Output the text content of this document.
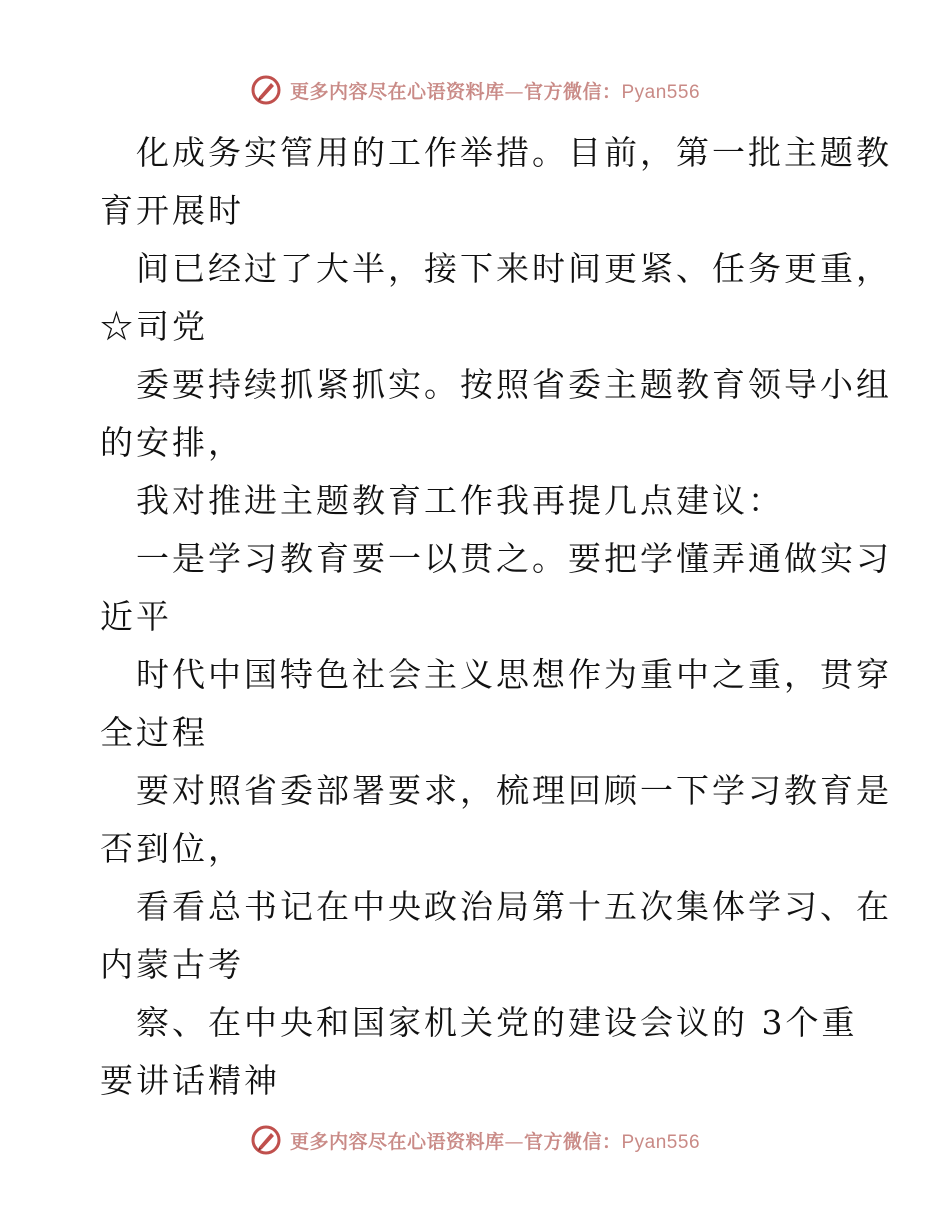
更多内容尽在心语资料库—官方微信：Pyan556
化成务实管用的工作举措。目前，第一批主题教
育开展时
间已经过了大半，接下来时间更紧、任务更重，
☆司党
委要持续抓紧抓实。按照省委主题教育领导小组
的安排，
我对推进主题教育工作我再提几点建议：
一是学习教育要一以贯之。要把学懂弄通做实习
近平
时代中国特色社会主义思想作为重中之重，贯穿
全过程
要对照省委部署要求，梳理回顾一下学习教育是
否到位，
看看总书记在中央政治局第十五次集体学习、在
内蒙古考
察、在中央和国家机关党的建设会议的 3个重
要讲话精神
更多内容尽在心语资料库—官方微信：Pyan556
